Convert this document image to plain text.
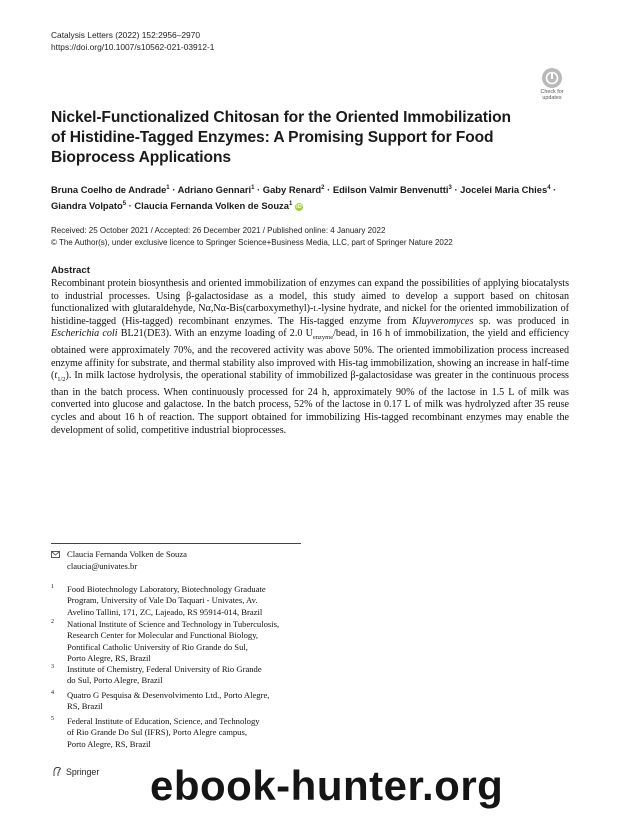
Catalysis Letters (2022) 152:2956–2970
https://doi.org/10.1007/s10562-021-03912-1
Check for
updates
Nickel-Functionalized Chitosan for the Oriented Immobilization
of Histidine-Tagged Enzymes: A Promising Support for Food
Bioprocess Applications
Bruna Coelho de Andrade$^1$ · Adriano Gennari$^1$ · Gaby Renard$^2$ · Edilson Valmir Benvenutti$^3$ · Jocelei Maria Chies$^4$ ·
Giandra Volpato$^5$ · Claucia Fernanda Volken de Souza$^1$ iD
Received: 25 October 2021 / Accepted: 26 December 2021 / Published online: 4 January 2022
© The Author(s), under exclusive licence to Springer Science+Business Media, LLC, part of Springer Nature 2022
Abstract
Recombinant protein biosynthesis and oriented immobilization of enzymes can expand the possibilities of applying biocatalysts to industrial processes. Using β-galactosidase as a model, this study aimed to develop a support based on chitosan functionalized with glutaraldehyde, Nα,Nα-Bis(carboxymethyl)-L-lysine hydrate, and nickel for the oriented immobilization of histidine-tagged (His-tagged) recombinant enzymes. The His-tagged enzyme from Kluyveromyces sp. was produced in Escherichia coli BL21(DE3). With an enzyme loading of 2.0 $U_{enzyme}$/bead, in 16 h of immobilization, the yield and efficiency obtained were approximately 70%, and the recovered activity was above 50%. The oriented immobilization process increased enzyme affinity for substrate, and thermal stability also improved with His-tag immobilization, showing an increase in half-time $(t_{1/2})$. In milk lactose hydrolysis, the operational stability of immobilized β-galactosidase was greater in the continuous process than in the batch process. When continuously processed for 24 h, approximately 90% of the lactose in 1.5 L of milk was converted into glucose and galactose. In the batch process, 52% of the lactose in 0.17 L of milk was hydrolyzed after 35 reuse cycles and about 16 h of reaction. The support obtained for immobilizing His-tagged recombinant enzymes may enable the development of solid, competitive industrial bioprocesses.
Claucia Fernanda Volken de Souza
claucia@univates.br
1 Food Biotechnology Laboratory, Biotechnology Graduate
Program, University of Vale Do Taquari - Univates, Av.
Avelino Tallini, 171, ZC, Lajeado, RS 95914-014, Brazil
2 National Institute of Science and Technology in Tuberculosis,
Research Center for Molecular and Functional Biology,
Pontifical Catholic University of Rio Grande do Sul,
Porto Alegre, RS, Brazil
3 Institute of Chemistry, Federal University of Rio Grande
do Sul, Porto Alegre, Brazil
4 Quatro G Pesquisa & Desenvolvimento Ltd., Porto Alegre,
RS, Brazil
5 Federal Institute of Education, Science, and Technology
of Rio Grande Do Sul (IFRS), Porto Alegre campus,
Porto Alegre, RS, Brazil
Springer ebook-hunter.org
